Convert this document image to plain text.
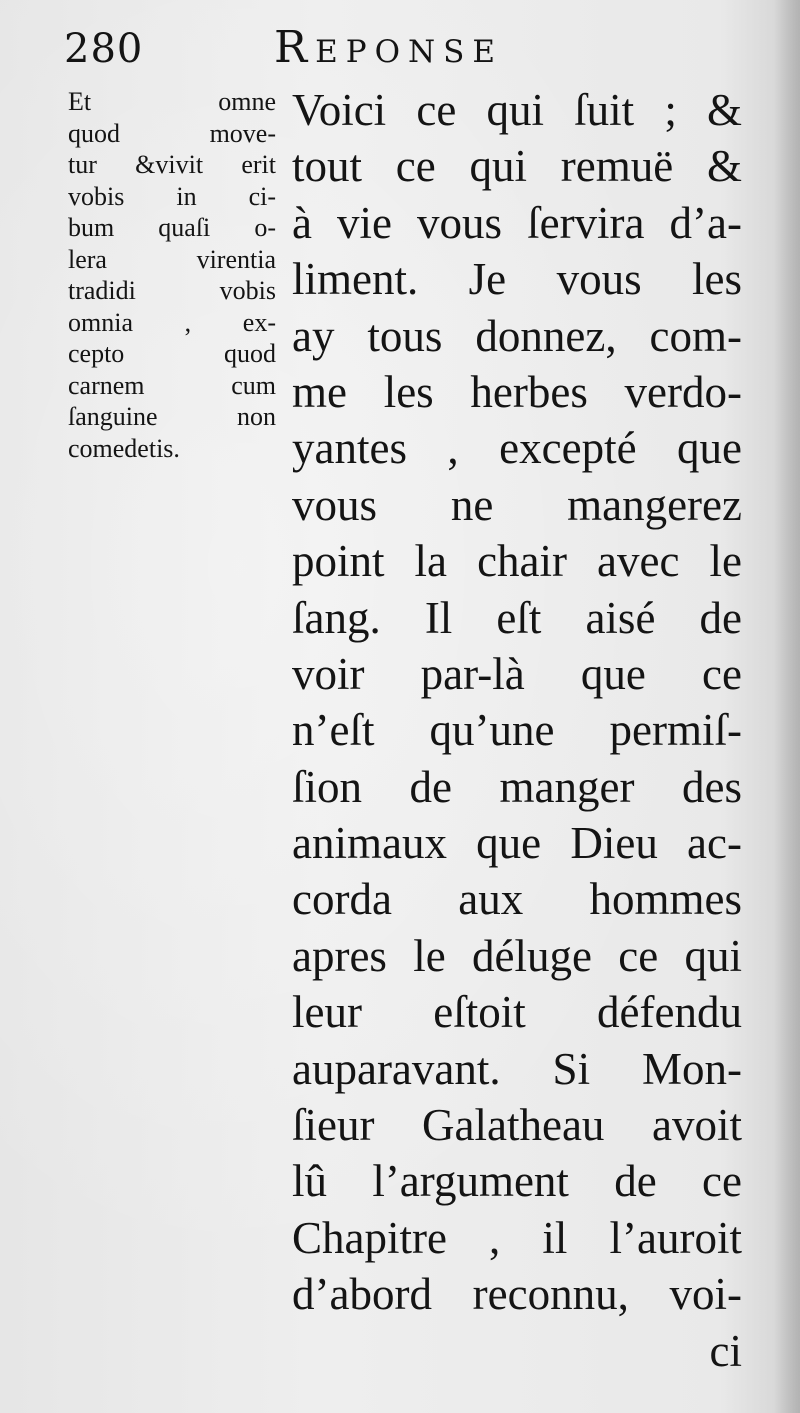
280	Reponse
Et omne
quod move-
tur &vivit erit
vobis in ci-
bum quaſi o-
lera virentia
tradidi vobis
omnia , ex-
cepto quod
carnem cum
ſanguine non
comedetis.
Voici ce qui ſuit ; &
tout ce qui remuë &
à vie vous ſervira d’a-
liment. Je vous les
ay tous donnez, com-
me les herbes verdo-
yantes , excepté que
vous ne mangerez
point la chair avec le
ſang. Il eſt aisé de
voir par-là que ce
n’eſt qu’une permiſ-
ſion de manger des
animaux que Dieu ac-
corda aux hommes
apres le déluge ce qui
leur eſtoit défendu
auparavant. Si Mon-
ſieur Galatheau avoit
lû l’argument de ce
Chapitre , il l’auroit
d’abord reconnu, voi-
ci
